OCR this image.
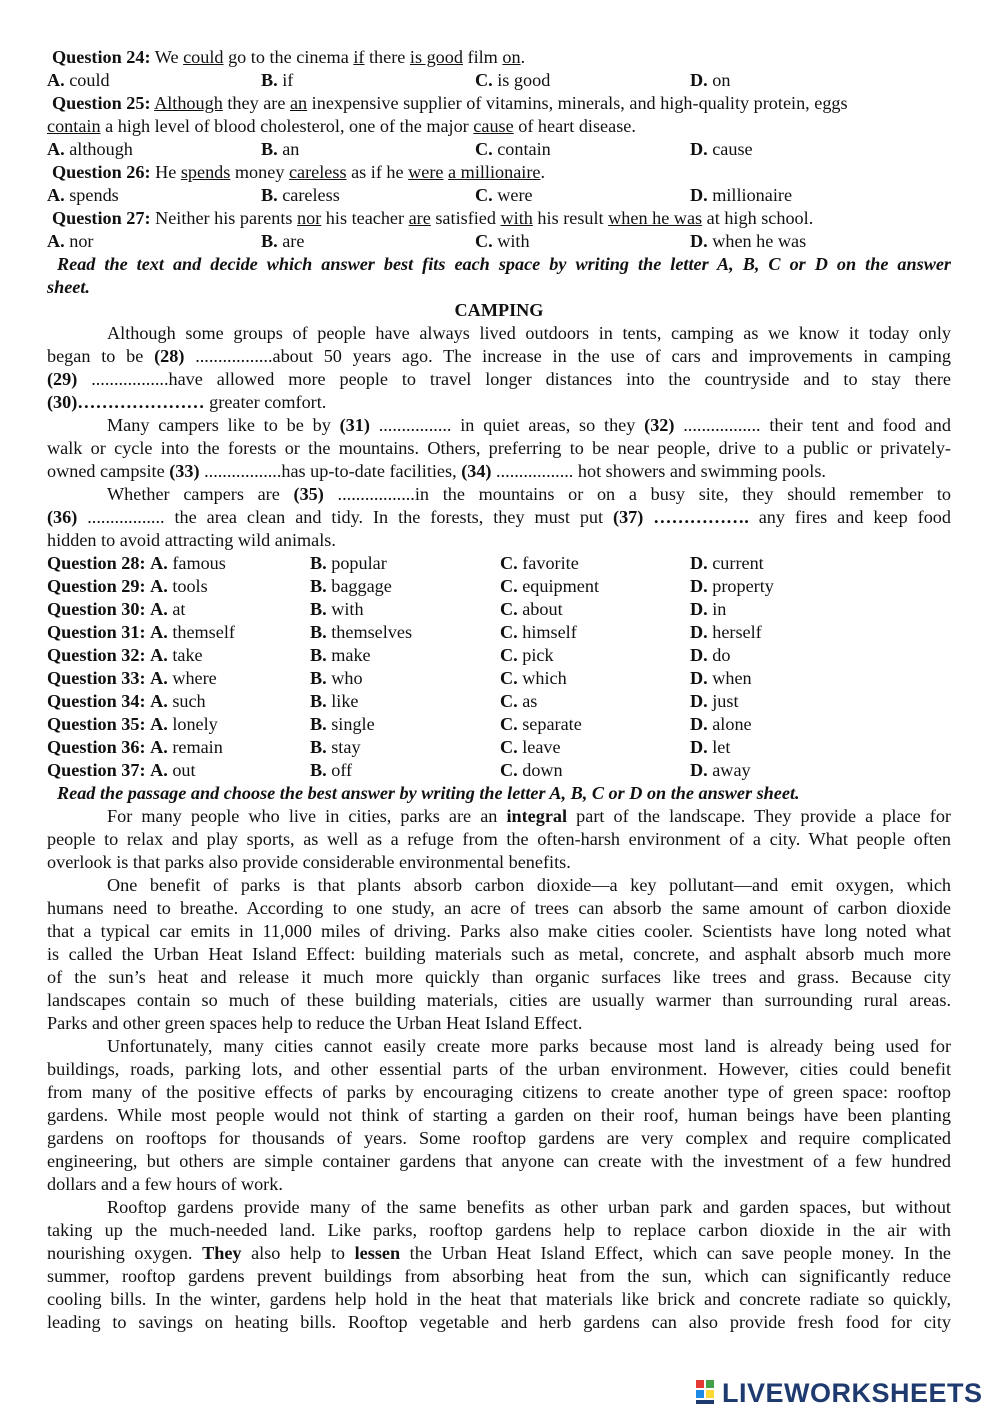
Question 24: We could go to the cinema if there is good film on.
A. could	B. if	C. is good	D. on
Question 25: Although they are an inexpensive supplier of vitamins, minerals, and high-quality protein, eggs
contain a high level of blood cholesterol, one of the major cause of heart disease.
A. although	B. an	C. contain	D. cause
Question 26: He spends money careless as if he were a millionaire.
A. spends	B. careless	C. were	D. millionaire
Question 27: Neither his parents nor his teacher are satisfied with his result when he was at high school.
A. nor	B. are	C. with	D. when he was
Read the text and decide which answer best fits each space by writing the letter A, B, C or D on the answer
sheet.
CAMPING
Although some groups of people have always lived outdoors in tents, camping as we know it today only
began to be (28) .................about 50 years ago. The increase in the use of cars and improvements in camping
(29) .................have allowed more people to travel longer distances into the countryside and to stay there
(30)………………… greater comfort.
Many campers like to be by (31) ................ in quiet areas, so they (32) ................. their tent and food and
walk or cycle into the forests or the mountains. Others, preferring to be near people, drive to a public or privately-
owned campsite (33) .................has up-to-date facilities, (34) ................. hot showers and swimming pools.
Whether campers are (35) .................in the mountains or on a busy site, they should remember to
(36) ................. the area clean and tidy. In the forests, they must put (37) ……………. any fires and keep food
hidden to avoid attracting wild animals.
Question 28: A. famous	B. popular	C. favorite	D. current
Question 29: A. tools	B. baggage	C. equipment	D. property
Question 30: A. at	B. with	C. about	D. in
Question 31: A. themself	B. themselves	C. himself	D. herself
Question 32: A. take	B. make	C. pick	D. do
Question 33: A. where	B. who	C. which	D. when
Question 34: A. such	B. like	C. as	D. just
Question 35: A. lonely	B. single	C. separate	D. alone
Question 36: A. remain	B. stay	C. leave	D. let
Question 37: A. out	B. off	C. down	D. away
Read the passage and choose the best answer by writing the letter A, B, C or D on the answer sheet.
For many people who live in cities, parks are an integral part of the landscape. They provide a place for
people to relax and play sports, as well as a refuge from the often-harsh environment of a city. What people often
overlook is that parks also provide considerable environmental benefits.
One benefit of parks is that plants absorb carbon dioxide—a key pollutant—and emit oxygen, which
humans need to breathe. According to one study, an acre of trees can absorb the same amount of carbon dioxide
that a typical car emits in 11,000 miles of driving. Parks also make cities cooler. Scientists have long noted what
is called the Urban Heat Island Effect: building materials such as metal, concrete, and asphalt absorb much more
of the sun’s heat and release it much more quickly than organic surfaces like trees and grass. Because city
landscapes contain so much of these building materials, cities are usually warmer than surrounding rural areas.
Parks and other green spaces help to reduce the Urban Heat Island Effect.
Unfortunately, many cities cannot easily create more parks because most land is already being used for
buildings, roads, parking lots, and other essential parts of the urban environment. However, cities could benefit
from many of the positive effects of parks by encouraging citizens to create another type of green space: rooftop
gardens. While most people would not think of starting a garden on their roof, human beings have been planting
gardens on rooftops for thousands of years. Some rooftop gardens are very complex and require complicated
engineering, but others are simple container gardens that anyone can create with the investment of a few hundred
dollars and a few hours of work.
Rooftop gardens provide many of the same benefits as other urban park and garden spaces, but without
taking up the much-needed land. Like parks, rooftop gardens help to replace carbon dioxide in the air with
nourishing oxygen. They also help to lessen the Urban Heat Island Effect, which can save people money. In the
summer, rooftop gardens prevent buildings from absorbing heat from the sun, which can significantly reduce
cooling bills. In the winter, gardens help hold in the heat that materials like brick and concrete radiate so quickly,
leading to savings on heating bills. Rooftop vegetable and herb gardens can also provide fresh food for city
LIVEWORKSHEETS
